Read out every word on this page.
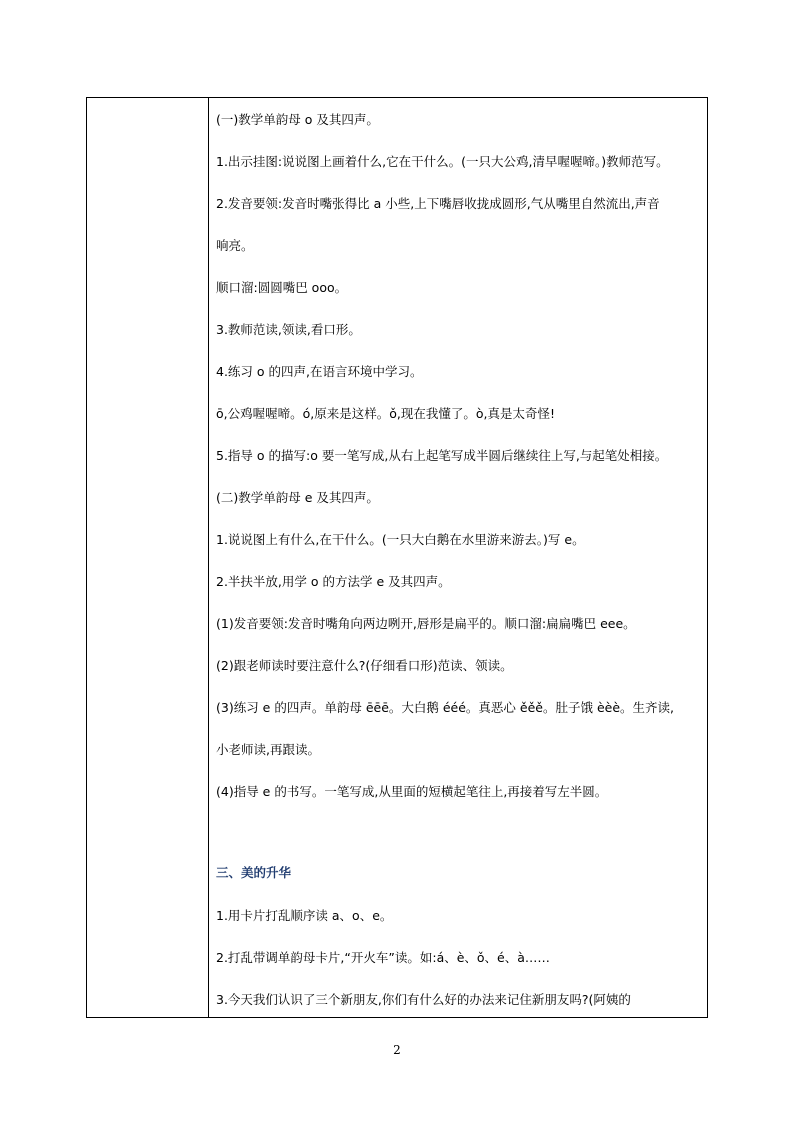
(一)教学单韵母 o 及其四声。
1.出示挂图:说说图上画着什么,它在干什么。(一只大公鸡,清早喔喔啼。)教师范写。
2.发音要领:发音时嘴张得比 a 小些,上下嘴唇收拢成圆形,气从嘴里自然流出,声音
响亮。
顺口溜:圆圆嘴巴 ooo。
3.教师范读,领读,看口形。
4.练习 o 的四声,在语言环境中学习。
ō,公鸡喔喔啼。ó,原来是这样。ǒ,现在我懂了。ò,真是太奇怪!
5.指导 o 的描写:o 要一笔写成,从右上起笔写成半圆后继续往上写,与起笔处相接。
(二)教学单韵母 e 及其四声。
1.说说图上有什么,在干什么。(一只大白鹅在水里游来游去。)写 e。
2.半扶半放,用学 o 的方法学 e 及其四声。
(1)发音要领:发音时嘴角向两边咧开,唇形是扁平的。顺口溜:扁扁嘴巴 eee。
(2)跟老师读时要注意什么?(仔细看口形)范读、领读。
(3)练习 e 的四声。单韵母 ēēē。大白鹅 ééé。真恶心 ěěě。肚子饿 èèè。生齐读,
小老师读,再跟读。
(4)指导 e 的书写。一笔写成,从里面的短横起笔往上,再接着写左半圆。
三、美的升华
1.用卡片打乱顺序读 a、o、e。
2.打乱带调单韵母卡片,“开火车”读。如:á、è、ǒ、é、à……
3.今天我们认识了三个新朋友,你们有什么好的办法来记住新朋友吗?(阿姨的
2
